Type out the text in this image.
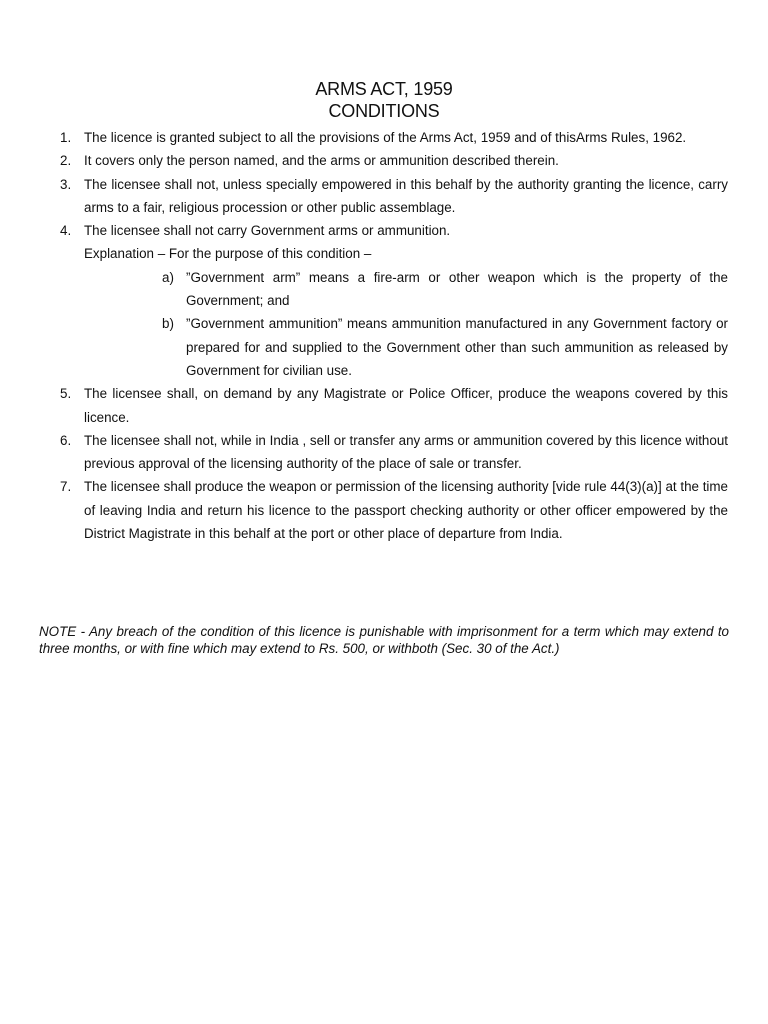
ARMS ACT, 1959
CONDITIONS
1. The licence is granted subject to all the provisions of the Arms Act, 1959 and of thisArms Rules, 1962.
2. It covers only the person named, and the arms or ammunition described therein.
3. The licensee shall not, unless specially empowered in this behalf by the authority granting the licence, carry arms to a fair, religious procession or other public assemblage.
4. The licensee shall not carry Government arms or ammunition.
Explanation – For the purpose of this condition –
a) ”Government arm” means a fire-arm or other weapon which is the property of the Government; and
b) ”Government ammunition” means ammunition manufactured in any Government factory or prepared for and supplied to the Government other than such ammunition as released by Government for civilian use.
5. The licensee shall, on demand by any Magistrate or Police Officer, produce the weapons covered by this licence.
6. The licensee shall not, while in India , sell or transfer any arms or ammunition covered by this licence without previous approval of the licensing authority of the place of sale or transfer.
7. The licensee shall produce the weapon or permission of the licensing authority [vide rule 44(3)(a)] at the time of leaving India and return his licence to the passport checking authority or other officer empowered by the District Magistrate in this behalf at the port or other place of departure from India.

NOTE - Any breach of the condition of this licence is punishable with imprisonment for a term which may extend to three months, or with fine which may extend to Rs. 500, or withboth (Sec. 30 of the Act.)
